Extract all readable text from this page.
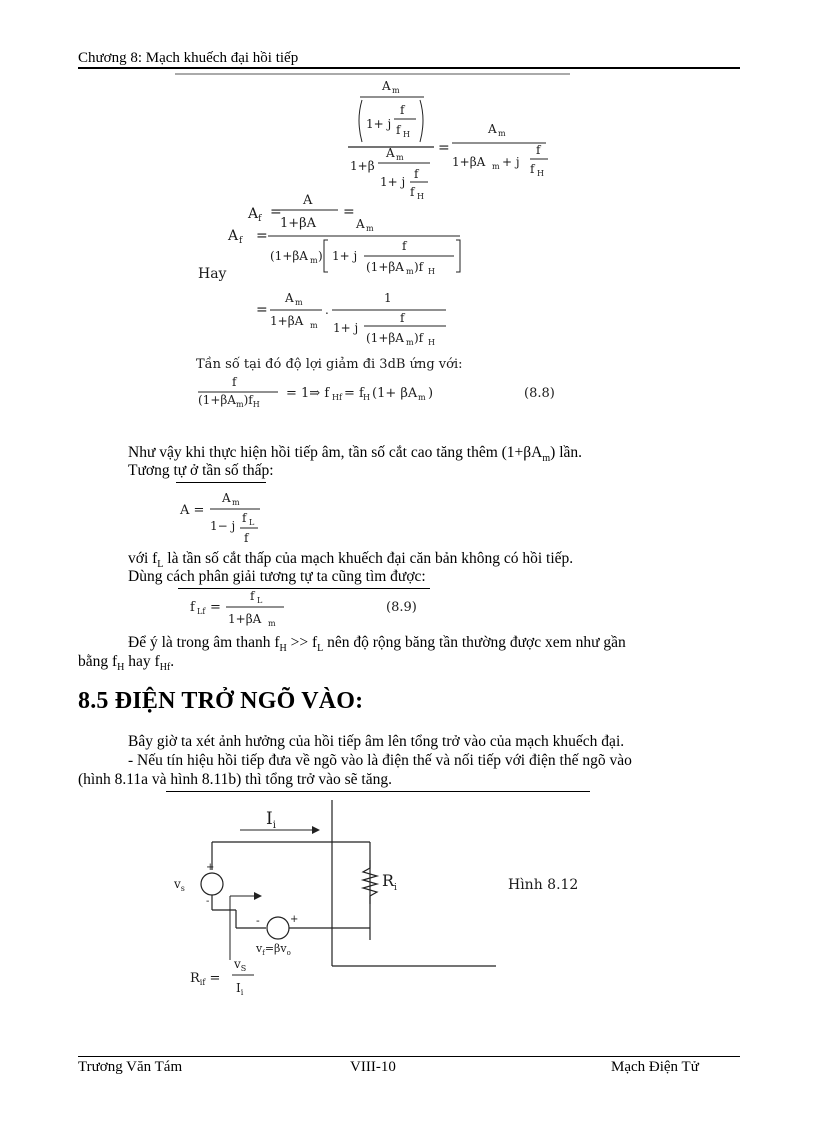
Chương 8: Mạch khuếch đại hồi tiếp
$A_f$ =
A
1+βA
=
A m
1+ j
f
f H
1+β
A m
1+ j
f
f H
=
A m
1+βA m + j
f
f H
A f =
A m
(1+βA m ) 1+ j
f
(1+βA m )f H
Hay
=
A m
1+βA m
.
1
1+ j
f
(1+βA m )f H
Tần số tại đó độ lợi giảm đi 3dB ứng với:
f
= 1⇒ f Hf = f H (1+ βA m )	(8.8)
$(1+\beta A_m)f_H$
Như vậy khi thực hiện hồi tiếp âm, tần số cắt cao tăng thêm $(1+\beta A_m)$ lần.
Tương tự ở tần số thấp:
A =
A m
1− j
f L
f
với $f_L$ là tần số cắt thấp của mạch khuếch đại căn bản không có hồi tiếp.
Dùng cách phân giải tương tự ta cũng tìm được:
f Lf =
f L
1+βA m
(8.9)
Để ý là trong âm thanh $f_H >> f_L$ nên độ rộng băng tần thường được xem như gần
bằng $f_H$ hay $f_{Hf}$.
8.5 ĐIỆN TRỞ NGÕ VÀO:
Bây giờ ta xét ảnh hưởng của hồi tiếp âm lên tổng trở vào của mạch khuếch đại.
- Nếu tín hiệu hồi tiếp đưa về ngõ vào là điện thế và nối tiếp với điện thế ngõ vào
(hình 8.11a và hình 8.11b) thì tổng trở vào sẽ tăng.
$I_i$
+
-
$v_s$
-	+
$v_f=\beta v_o$
$R_i$
$R_{if}$ =
$v_S$
$I_i$
Hình 8.12
Trương Văn Tám	VIII-10	Mạch Điện Tử
